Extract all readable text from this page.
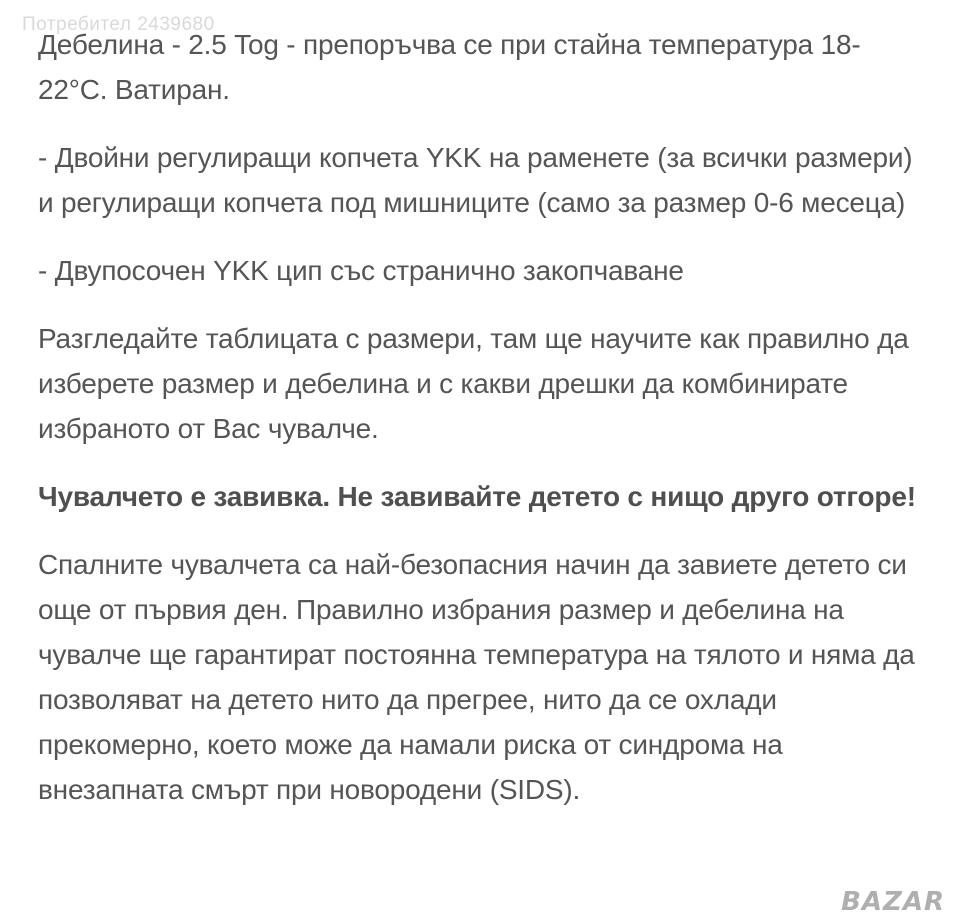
Дебелина - 2.5 Tog - препоръчва се при стайна температура 18-22°C. Ватиран.

- Двойни регулиращи копчета YKK на раменете (за всички размери) и регулиращи копчета под мишниците (само за размер 0-6 месеца)

- Двупосочен YKK цип със странично закопчаване

Разгледайте таблицата с размери, там ще научите как правилно да изберете размер и дебелина и с какви дрешки да комбинирате избраното от Вас чувалче.

Чувалчето е завивка. Не завивайте детето с нищо друго отгоре!

Спалните чувалчета са най-безопасния начин да завиете детето си още от първия ден. Правилно избрания размер и дебелина на чувалче ще гарантират постоянна температура на тялото и няма да позволяват на детето нито да прегрее, нито да се охлади прекомерно, което може да намали риска от синдрома на внезапната смърт при новородени (SIDS).

Потребител 2439680
BAZAR
